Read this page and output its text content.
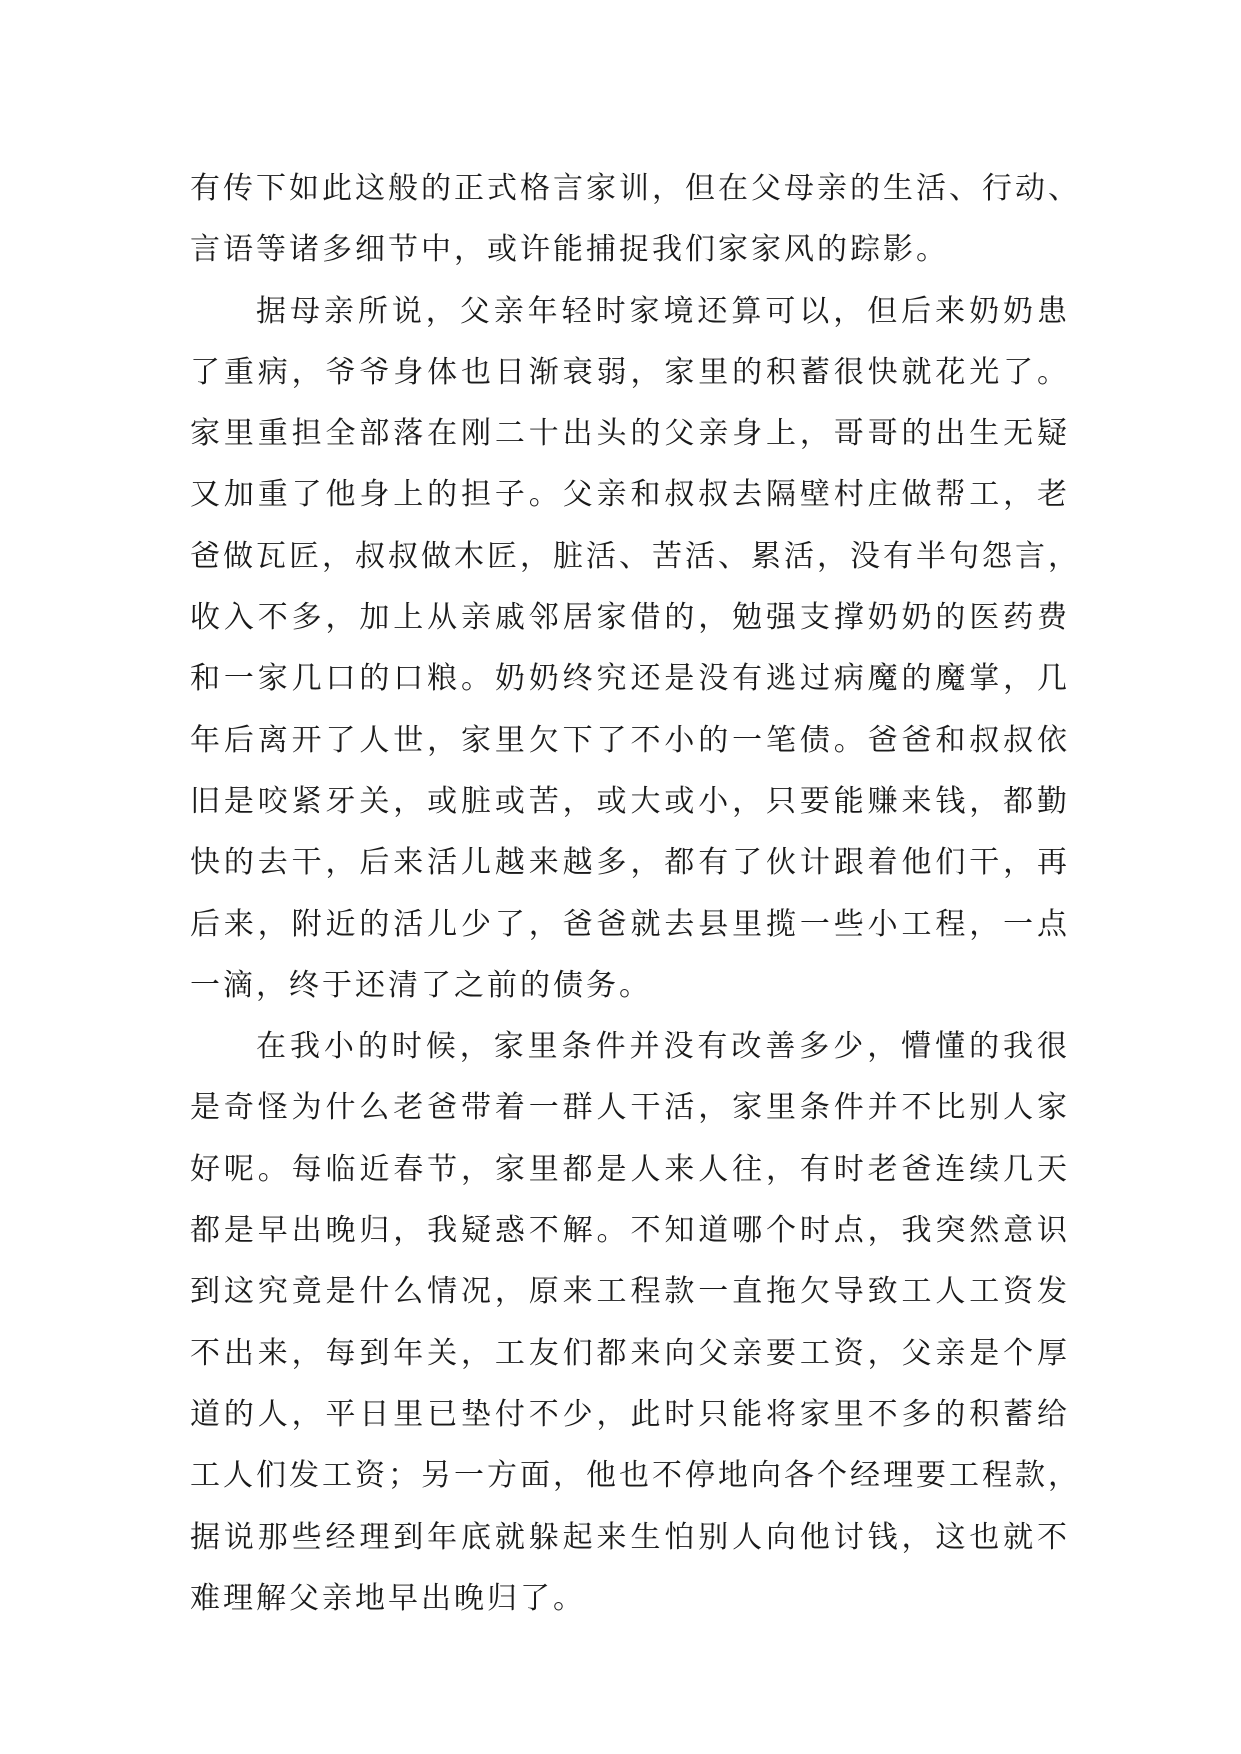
有传下如此这般的正式格言家训，但在父母亲的生活、行动、
言语等诸多细节中，或许能捕捉我们家家风的踪影。
据母亲所说，父亲年轻时家境还算可以，但后来奶奶患
了重病，爷爷身体也日渐衰弱，家里的积蓄很快就花光了。
家里重担全部落在刚二十出头的父亲身上，哥哥的出生无疑
又加重了他身上的担子。父亲和叔叔去隔壁村庄做帮工，老
爸做瓦匠，叔叔做木匠，脏活、苦活、累活，没有半句怨言，
收入不多，加上从亲戚邻居家借的，勉强支撑奶奶的医药费
和一家几口的口粮。奶奶终究还是没有逃过病魔的魔掌，几
年后离开了人世，家里欠下了不小的一笔债。爸爸和叔叔依
旧是咬紧牙关，或脏或苦，或大或小，只要能赚来钱，都勤
快的去干，后来活儿越来越多，都有了伙计跟着他们干，再
后来，附近的活儿少了，爸爸就去县里揽一些小工程，一点
一滴，终于还清了之前的债务。
在我小的时候，家里条件并没有改善多少，懵懂的我很
是奇怪为什么老爸带着一群人干活，家里条件并不比别人家
好呢。每临近春节，家里都是人来人往，有时老爸连续几天
都是早出晚归，我疑惑不解。不知道哪个时点，我突然意识
到这究竟是什么情况，原来工程款一直拖欠导致工人工资发
不出来，每到年关，工友们都来向父亲要工资，父亲是个厚
道的人，平日里已垫付不少，此时只能将家里不多的积蓄给
工人们发工资；另一方面，他也不停地向各个经理要工程款，
据说那些经理到年底就躲起来生怕别人向他讨钱，这也就不
难理解父亲地早出晚归了。
